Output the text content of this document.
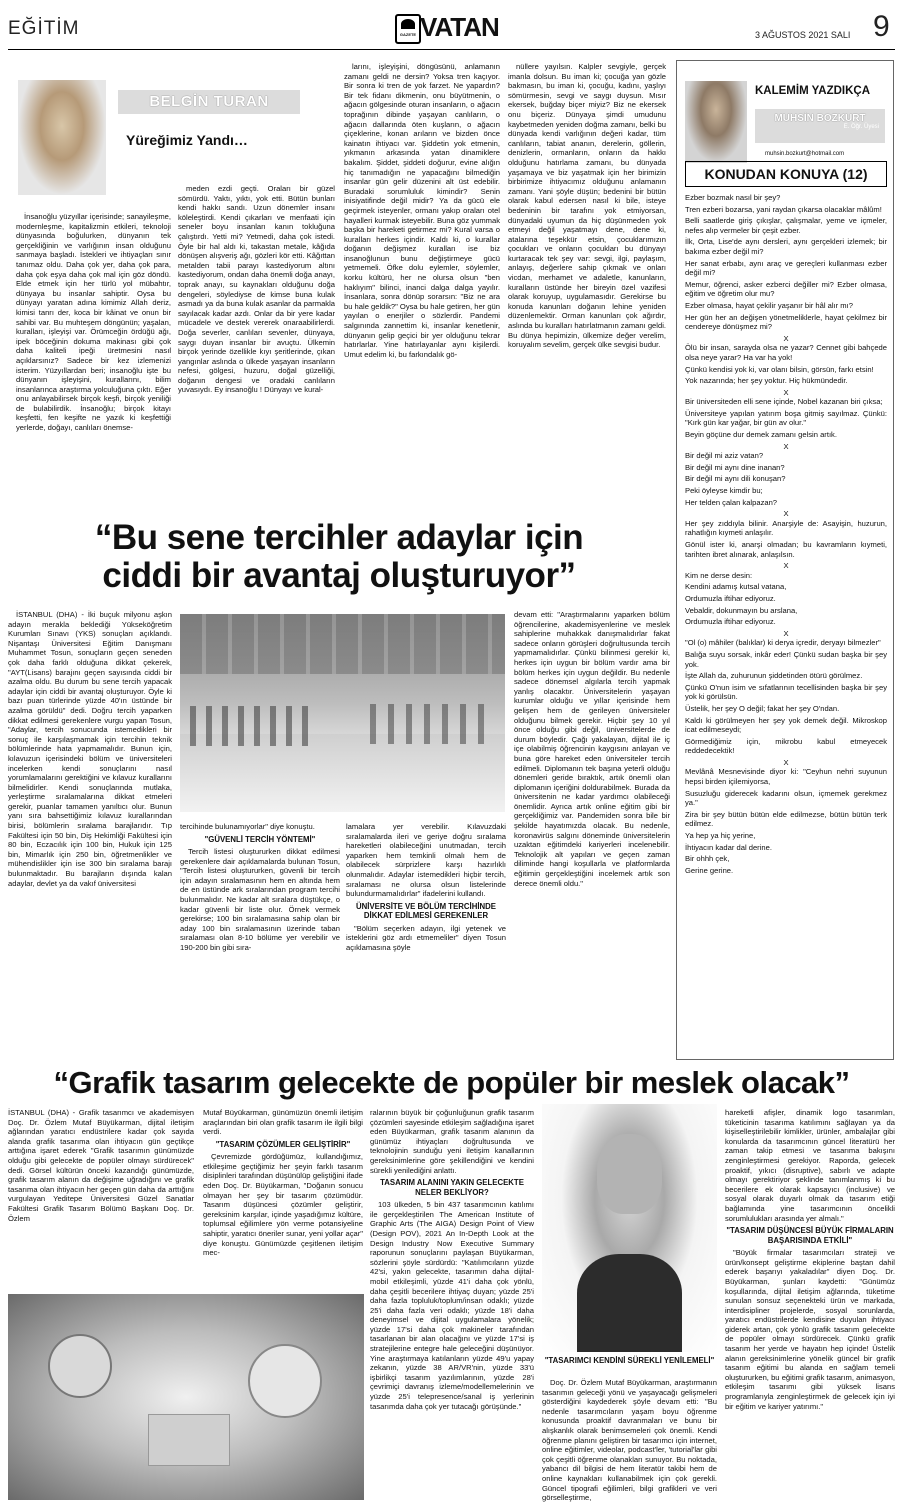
EĞİTİM	GAZETE VATAN	3 AĞUSTOS 2021 SALI 9
BELGİN TURAN
Yüreğimiz Yandı…

İnsanoğlu yüzyıllar içerisinde; sanayileşme, modernleşme, kapitalizmin etkileri, teknoloji dünyasında boğulurken, dünyanın tek gerçekliğinin ve varlığının insan olduğunu sanmaya başladı. İstekleri ve ihtiyaçları sınır tanımaz oldu. Daha çok yer, daha çok para, daha çok eşya daha çok mal için göz döndü. Elde etmek için her türlü yol mübahtır, dünyaya bu insanlar sahiptir. Oysa bu dünyayı yaratan adına kimimiz Allah deriz, kimisi tanrı der, koca bir kâinat ve onun bir sahibi var. Bu muhteşem döngünün; yaşalan, kuralları, işleyişi var. Örümceğin ördüğü ağı, ipek böceğinin dokuma makinası gibi çok daha kaliteli ipeği üretmesini nasıl açıklarsınız? Sadece bir kez izlemenizi isterim. Yüzyıllardan beri; insanoğlu işte bu dünyanın işleyişini, kurallarını, bilim insanlarınca araştırma yolculuğuna çıktı. Eğer onu anlayabilirsek birçok keşfi, birçok yeniliği de bulabilirdik. İnsanoğlu; birçok kitayı keşfetti, fen keşifte ne yazık ki keşfettiği yerlerde, doğayı, canlıları önemse-

meden ezdi geçti. Oraları bir güzel sömürdü. Yaktı, yıktı, yok etti. Bütün bunları kendi hakkı sandı. Uzun dönemler insanı köleleştirdi. Kendi çıkarları ve menfaati için seneler boyu insanları kanın tokluğuna çalıştırdı. Yetti mi? Yetmedi, daha çok istedi. Öyle bir hal aldı ki, takastan metale, kâğıda dönüşen alışveriş ağı, gözleri kör etti. Kâğıttan metalden tabii parayı kastediyorum altını kastediyorum, ondan daha önemli doğa anayı, toprak anayı, su kaynakları olduğunu doğa dengeleri, söylediyse de kimse buna kulak asmadı ya da buna kulak asanlar da parmakla sayılacak kadar azdı. Onlar da bir yere kadar mücadele ve destek vererek onaraabilirlerdi. Doğa severler, canlıları sevenler, dünyaya, saygı duyan insanlar bir avuçtu. Ülkemin birçok yerinde özellikle kıyı şeritlerinde, çıkan yangınlar aslında o ülkede yaşayan insanların nefesi, gölgesi, huzuru, doğal güzelliği, doğanın dengesi ve oradaki canlıların yuvasıydı. Ey insanoğlu ! Dünyayı ve kural-

larını, işleyişini, döngüsünü, anlamanın zamanı geldi ne dersin? Yoksa tren kaçıyor. Bir sonra ki tren de yok farzet. Ne yapardın? Bir tek fidanı dikmenin, onu büyütmenin, o ağacın gölgesinde oturan insanların, o ağacın toprağının dibinde yaşayan canlıların, o ağacın dallarında öten kuşların, o ağacın çiçeklerine, konan arıların ve bizden önce kainatın ihtiyacı var. Şiddetin yok etmenin, yıkmanın arkasında yatan dinamiklere bakalım. Şiddet, şiddeti doğurur, evine alığın hiç tanımadığın ne yapacağını bilmediğin insanlar gün gelir düzenini alt üst edebilir. Buradaki sorumluluk kimindir? Senin inisiyatifinde değil midir? Ya da gücü ele geçirmek isteyenler, ormanı yakıp oraları otel hayalleri kurmak isteyebilir. Buna göz yummak başka bir hareketi getirmez mi? Kural varsa o kuralları herkes içindir. Kaldı ki, o kurallar doğanın değişmez kuralları ise biz insanoğlunun bunu değiştirmeye gücü yetmemeli. Öfke dolu eylemler, söylemler, korku kültürü, her ne olursa olsun "ben haklıyım" bilinci, inanci dalga dalga yayılır. İnsanlara, sonra dönüp sorarsın: "Biz ne ara bu hale geldik?" Oysa bu hale getiren, her gün yayılan o enerjiler o sözlerdir. Pandemi salgınında zannettim ki, insanlar kenetlenir, dünyanın gelip geçici bir yer olduğunu tekrar hatırlarlar. Yine hatırlayanlar aynı kişilerdi. Umut edelim ki, bu farkındalık gö-

nüllere yayılsın. Kalpler sevgiyle, gerçek imanla dolsun. Bu iman ki; çocuğa yan gözle bakmasın, bu iman ki, çocuğu, kadını, yaşlıyı sömürmesin, sevgi ve saygı duysun. Mısır ekersek, buğday biçer miyiz? Biz ne ekersek onu biçeriz. Dünyaya şimdi umudunu kaybetmeden yeniden doğma zamanı, belki bu dünyada kendi varlığının değeri kadar, tüm canlıların, tabiat ananın, derelerin, göllerin, denizlerin, ormanların, onların da hakkı olduğunu hatırlama zamanı, bu dünyada yaşamaya ve biz yaşatmak için her birimizin birbirimize ihtiyacımız olduğunu anlamanın zamanı. Yani şöyle düşün; bedenini bir bütün olarak kabul edersen nasıl ki bile, isteye bedeninin bir tarafını yok etmiyorsan, dünyadaki uyumun da hiç düşünmeden yok etmeyi değil yaşatmayı dene, dene ki, atalarına teşekkür etsin, çocuklarımızın çocukları ve onların çocukları bu dünyayı kurtaracak tek şey var: sevgi, ilgi, paylaşım, anlayış, değerlere sahip çıkmak ve onları vicdan, merhamet ve adaletle, kanunların, kuralların üstünde her bireyin özel vazifesi olarak koruyup, uygulamasıdır. Gerekirse bu konuda kanunları doğanın lehine yeniden düzenlemektir. Orman kanunları çok ağırdır, aslında bu kuralları hatırlatmanın zamanı geldi. Bu dünya hepimizin, ülkemize değer verelim, koruyalım sevelim, gerçek ülke sevgisi budur.

KALEMİM YAZDIKÇA
MUHSİN BOZKURT
E. Öğr. Üyesi
muhsin.bozkurt@hotmail.com
KONUDAN KONUYA (12)

Ezber bozmak nasıl bir şey?

Tren ezberi bozarsa, yani raydan çıkarsa olacaklar mâlûm!

Belli saatlerde giriş çıkışlar, çalışmalar, yeme ve içmeler, nefes alıp vermeler bir çeşit ezber.

İlk, Orta, Lise'de aynı dersleri, aynı gerçekleri izlemek; bir bakıma ezber değil mi?

Her sanat erbabı, aynı araç ve gereçleri kullanması ezber değil mi?

Memur, öğrenci, asker ezberci değiller mi? Ezber olmasa, eğitim ve öğretim olur mu?

Ezber olmasa, hayat çekilir yaşanır bir hâl alır mı?

Her gün her an değişen yönetmeliklerle, hayat çekilmez bir cendereye dönüşmez mi?

X

Ölü bir insan, sarayda olsa ne yazar? Cennet gibi bahçede olsa neye yarar? Ha var ha yok!

Çünkü kendisi yok ki, var olanı bilsin, görsün, farkı etsin!

Yok nazarında; her şey yoktur. Hiç hükmündedir.

X

Bir üniversiteden elli sene içinde, Nobel kazanan biri çıksa;

Üniversiteye yapılan yatırım boşa gitmiş sayılmaz. Çünkü: "Kırk gün kar yağar, bir gün av olur."

Beyin göçüne dur demek zamanı gelsin artık.

X

Bir değil mi aziz vatan?

Bir değil mi aynı dine inanan?

Bir değil mi aynı dili konuşan?

Peki öyleyse kimdir bu;

Her telden çalan kalpazan?

X

Her şey zıddıyla bilinir. Anarşiyle de: Asayişin, huzurun, rahatlığın kıymeti anlaşılır.

Gönül ister ki, anarşi olmadan; bu kavramların kıymeti, tarihten ibret alınarak, anlaşılsın.

X

Kim ne derse desin:

Kendini adamış kutsal vatana,

Ordumuzla iftihar ediyoruz.

Vebaldir, dokunmayın bu arslana,

Ordumuzla iftihar ediyoruz.

X

"Ol (o) mâhiler (balıklar) ki derya içredir, deryayı bilmezler"

Balığa suyu sorsak, inkâr eder! Çünkü sudan başka bir şey yok.

İşte Allah da, zuhurunun şiddetinden ötürü görülmez.

Çünkü O'nun isim ve sıfatlarının tecellisinden başka bir şey yok ki görülsün.

Üstelik, her şey O değil; fakat her şey O'ndan.

Kaldı ki görülmeyen her şey yok demek değil. Mikroskop icat edilmeseydi;

Görmediğimiz için, mikrobu kabul etmeyecek reddedecektik!

X

Mevlânâ Mesnevisinde diyor ki: "Ceyhun nehri suyunun hepsi birden içilemiyorsa,

Susuzluğu giderecek kadarını olsun, içmemek gerekmez ya."

Zira bir şey bütün bütün elde edilmezse, bütün bütün terk edilmez.

Ya hep ya hiç yerine,

İhtiyacın kadar dal derine.

Bir ohhh çek,

Gerine gerine.

“Bu sene tercihler adaylar için
ciddi bir avantaj oluşturuyor”

İSTANBUL (DHA) - İki buçuk milyonu aşkın adayın merakla beklediği Yükseköğretim Kurumları Sınavı (YKS) sonuçları açıklandı. Nişantaşı Üniversitesi Eğitim Danışmanı Muhammet Tosun, sonuçların geçen seneden çok daha farklı olduğuna dikkat çekerek, "AYT(Lisans) barajını geçen sayısında ciddi bir azalma oldu. Bu durum bu sene tercih yapacak adaylar için ciddi bir avantaj oluşturuyor. Öyle ki bazı puan türlerinde yüzde 40'ın üstünde bir azalma görüldü" dedi. Doğru tercih yaparken dikkat edilmesi gerekenlere vurgu yapan Tosun, "Adaylar, tercih sonucunda istemedikleri bir sonuç ile karşılaşmamak için tercihin teknik bölümlerinde hata yapmamalıdır. Bunun için, kılavuzun içerisindeki bölüm ve üniversiteleri incelerken kendi sonuçlarını nasıl yorumlamalarını gerektiğini ve kılavuz kurallarını bilmelidirler. Kendi sonuçlarında mutlaka, yerleştirme sıralamalarına dikkat etmeleri gerekir, puanlar tamamen yanıltıcı olur. Bunun yanı sıra bahsettiğimiz kılavuz kurallarından birisi, bölümlerin sıralama barajlarıdır. Tıp Fakültesi için 50 bin, Diş Hekimliği Fakültesi için 80 bin, Eczacılık için 100 bin, Hukuk için 125 bin, Mimarlık için 250 bin, öğretmenlikler ve mühendislikler için ise 300 bin sıralama barajı bulunmaktadır. Bu barajların dışında kalan adaylar, devlet ya da vakıf üniversitesi

tercihinde bulunamıyorlar" diye konuştu.

"GÜVENLİ TERCİH YÖNTEMİ"

Tercih listesi oluştururken dikkat edilmesi gerekenlere dair açıklamalarda bulunan Tosun, "Tercih listesi oluştururken, güvenli bir tercih için adayın sıralamasının hem en altında hem de en üstünde ark sıralarından program tercihi bulunmalıdır. Ne kadar alt sıralara düştükçe, o kadar güvenli bir liste olur. Örnek vermek gerekirse; 100 bin sıralamasına sahip olan bir aday 100 bin sıralamasının üzerinde taban sıralaması olan 8-10 bölüme yer verebilir ve 190-200 bin gibi sıra-

lamalara yer verebilir. Kılavuzdaki sıralamalarda ileri ve geriye doğru sıralama hareketleri olabileceğini unutmadan, tercih yaparken hem temkinli olmalı hem de olabilecek sürprizlere karşı hazırlıklı olunmalıdır. Adaylar istemedikleri hiçbir tercih, sıralaması ne olursa olsun listelerinde bulundurmamalıdırlar" ifadelerini kullandı.

ÜNİVERSİTE VE BÖLÜM TERCİHİNDE DİKKAT EDİLMESİ GEREKENLER

"Bölüm seçerken adayın, ilgi yetenek ve isteklerini göz ardı etmemeliler" diyen Tosun açıklamasına şöyle

devam etti: "Araştırmalarını yaparken bölüm öğrencilerine, akademisyenlerine ve meslek sahiplerine muhakkak danışmalıdırlar fakat sadece onların görüşleri doğrultusunda tercih yapmamalıdırlar. Çünkü bilinmesi gerekir ki, herkes için uygun bir bölüm vardır ama bir bölüm herkes için uygun değildir. Bu nedenle sadece dönemsel algılarla tercih yapmak yanlış olacaktır. Üniversitelerin yaşayan kurumlar olduğu ve yıllar içerisinde hem gelişen hem de gerileyen üniversiteler olduğunu bilmek gerekir. Hiçbir şey 10 yıl önce olduğu gibi değil, üniversitelerde de durum böyledir. Çağı yakalayan, dijital ile iç içe olabilmiş öğrencinin kaygısını anlayan ve buna göre hareket eden üniversiteler tercih edilmeli. Diplomanın tek başına yeterli olduğu dönemleri geride bıraktık, artık önemli olan diplomanın içeriğini doldurabilmek. Burada da üniversitenin ne kadar yardımcı olabileceği önemlidir. Ayrıca artık online eğitim gibi bir gerçekliğimiz var. Pandemiden sonra bile bir şekilde hayatımızda olacak. Bu nedenle, koronavirüs salgını döneminde üniversitelerin uzaktan eğitimdeki kariyerleri incelenebilir. Teknolojik alt yapıları ve geçen zaman diliminde hangi koşullarla ve platformlarda eğitimin gerçekleştiğini incelemek artık son derece önemli oldu."

“Grafik tasarım gelecekte de popüler bir meslek olacak”

İSTANBUL (DHA) - Grafik tasarımcı ve akademisyen Doç. Dr. Özlem Mutaf Büyükarman, dijital iletişim ağlarından yaratıcı endüstrilere kadar çok sayıda alanda grafik tasarıma olan ihtiyacın gün geçtikçe arttığına işaret ederek "Grafik tasarımın günümüzde olduğu gibi gelecekte de popüler olmayı sürdürecek" dedi. Görsel kültürün önceki kazandığı günümüzde, grafik tasarım alanın da değişime uğradığını ve grafik tasarıma olan ihtiyacın her geçen gün daha da arttığını vurgulayan Yeditepe Üniversitesi Güzel Sanatlar Fakültesi Grafik Tasarım Bölümü Başkanı Doç. Dr. Özlem

Mutaf Büyükarman, günümüzün önemli iletişim araçlarından biri olan grafik tasarım ile ilgili bilgi verdi.

"TASARIM ÇÖZÜMLER GELİŞTİRİR"

Çevremizde gördüğümüz, kullandığımız, etkileşime geçtiğimiz her şeyin farklı tasarım disiplinleri tarafından düşünülüp geliştiğini ifade eden Doç. Dr. Büyükarman, "Doğanın sonucu olmayan her şey bir tasarım çözümüdür. Tasarım düşüncesi çözümler geliştirir, gereksinim karşılar, içinde yaşadığımız kültüre, toplumsal eğilimlere yön verme potansiyeline sahiptir, yaratıcı öneriler sunar, yeni yollar açar" diye konuştu. Günümüzde çeşitlenen iletişim mec-

ralarının büyük bir çoğunluğunun grafik tasarım çözümleri sayesinde etkileşim sağladığına işaret eden Büyükarman, grafik tasarım alanının da günümüz ihtiyaçları doğrultusunda ve teknolojinin sunduğu yeni iletişim kanallarının gereksinimlerine göre şekillendiğini ve kendini sürekli yenilediğini anlattı.

TASARIM ALANINI YAKIN GELECEKTE NELER BEKLİYOR?

103 ülkeden, 5 bin 437 tasarımcının katılımı ile gerçekleştirilen The American Institute of Graphic Arts (The AIGA) Design Point of View (Design POV), 2021 An In-Depth Look at the Design Industry Now Executive Summary raporunun sonuçlarını paylaşan Büyükarman, sözlerini şöyle sürdürdü: "Katılımcıların yüzde 42'si, yakın gelecekte, tasarımın daha dijital-mobil etkileşimli, yüzde 41'i daha çok yönlü, daha çeşitli becerilere ihtiyaç duyan; yüzde 25'i daha fazla topluluk/toplum/insan odaklı; yüzde 25'i daha fazla veri odaklı; yüzde 18'i daha deneyimsel ve dijital uygulamalara yönelik; yüzde 17'si daha çok makineler tarafından tasarlanan bir alan olacağını ve yüzde 17'si iş stratejilerine entegre hale geleceğini düşünüyor. Yine araştırmaya katılanların yüzde 49'u yapay zekanın, yüzde 38 AR/VR'nin, yüzde 33'ü işbirlikçi tasarım yazılımlarının, yüzde 28'i çevrimiçi davranış izleme/modellemelerinin ve yüzde 25'i telepresence/sanal iş yerlerinin tasarımda daha çok yer tutacağı görüşünde."

"TASARIMCI KENDİNİ SÜREKLİ YENİLEMELİ"

Doç. Dr. Özlem Mutaf Büyükarman, araştırmanın tasarımın geleceği yönü ve yaşayacağı gelişmeleri gösterdiğini kaydederek şöyle devam etti: "Bu nedenle tasarımcıların yaşam boyu öğrenme konusunda proaktif davranmaları ve bunu bir alışkanlık olarak benimsemeleri çok önemli. Kendi öğrenme planını geliştiren bir tasarımcı için internet, online eğitimler, videolar, podcast'ler, 'tutorial'lar gibi çok çeşitli öğrenme olanakları sunuyor. Bu noktada, yabancı dil bilgisi de hem literatür takibi hem de online kaynakları kullanabilmek için çok gerekli. Güncel tipografi eğilimleri, bilgi grafikleri ve veri görselleştirme,

hareketli afişler, dinamik logo tasarımları, tüketicinin tasarıma katılımını sağlayan ya da kişiselleştirilebilir kimlikler, ürünler, ambalajlar gibi konularda da tasarımcının güncel literatürü her zaman takip etmesi ve tasarıma bakışını zenginleştirmesi gerekiyor. Raporda, gelecek proaktif, yıkıcı (disruptive), sabırlı ve adapte olmayı gerektiriyor şeklinde tanımlanmış ki bu becerilere ek olarak kapsayıcı (inclusive) ve sosyal olarak duyarlı olmak da tasarım etiği bağlamında yine tasarımcının öncelikli sorumlulukları arasında yer almalı."

"TASARIM DÜŞÜNCESİ BÜYÜK FİRMALARIN BAŞARISINDA ETKİLİ"

"Büyük firmalar tasarımcıları strateji ve ürün/konsept geliştirme ekiplerine baştan dahil ederek başarıyı yakaladılar" diyen Doç. Dr. Büyükarman, şunları kaydetti: "Günümüz koşullarında, dijital iletişim ağlarında, tüketime sunulan sonsuz seçenekteki ürün ve markada, interdisipliner projelerde, sosyal sorunlarda, yaratıcı endüstrilerde kendisine duyulan ihtiyacı giderek artan, çok yönlü grafik tasarım gelecekte de popüler olmayı sürdürecek. Çünkü grafik tasarım her yerde ve hayatın hep içinde! Üstelik alanın gereksinimlerine yönelik güncel bir grafik tasarım eğitimi bu alanda en sağlam temeli oluştururken, bu eğitimi grafik tasarım, animasyon, etkileşim tasarımı gibi yüksek lisans programlarıyla zenginleştirmek de gelecek için iyi bir eğitim ve kariyer yatırımı."
